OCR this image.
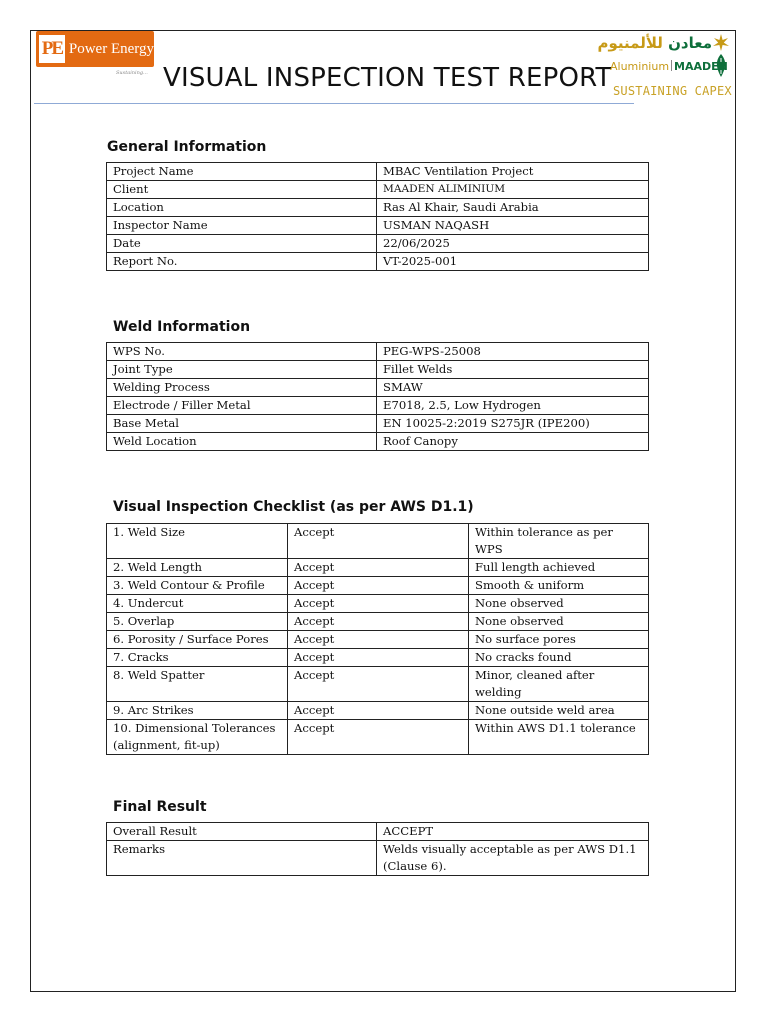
PE Power Energy
Sustaining... VISUAL INSPECTION TEST REPORT
معادن للألمنيوم
Aluminium MAADEN
SUSTAINING CAPEX
General Information
Project Name	MBAC Ventilation Project
Client	MAADEN ALIMINIUM
Location	Ras Al Khair, Saudi Arabia
Inspector Name	USMAN NAQASH
Date	22/06/2025
Report No.	VT-2025-001
Weld Information
WPS No.	PEG-WPS-25008
Joint Type	Fillet Welds
Welding Process	SMAW
Electrode / Filler Metal	E7018, 2.5, Low Hydrogen
Base Metal	EN 10025-2:2019 S275JR (IPE200)
Weld Location	Roof Canopy
Visual Inspection Checklist (as per AWS D1.1)
1. Weld Size	Accept	Within tolerance as per WPS
2. Weld Length	Accept	Full length achieved
3. Weld Contour & Profile	Accept	Smooth & uniform
4. Undercut	Accept	None observed
5. Overlap	Accept	None observed
6. Porosity / Surface Pores	Accept	No surface pores
7. Cracks	Accept	No cracks found
8. Weld Spatter	Accept	Minor, cleaned after welding
9. Arc Strikes	Accept	None outside weld area
10. Dimensional Tolerances (alignment, fit-up)	Accept	Within AWS D1.1 tolerance
Final Result
Overall Result	ACCEPT
Remarks	Welds visually acceptable as per AWS D1.1 (Clause 6).
